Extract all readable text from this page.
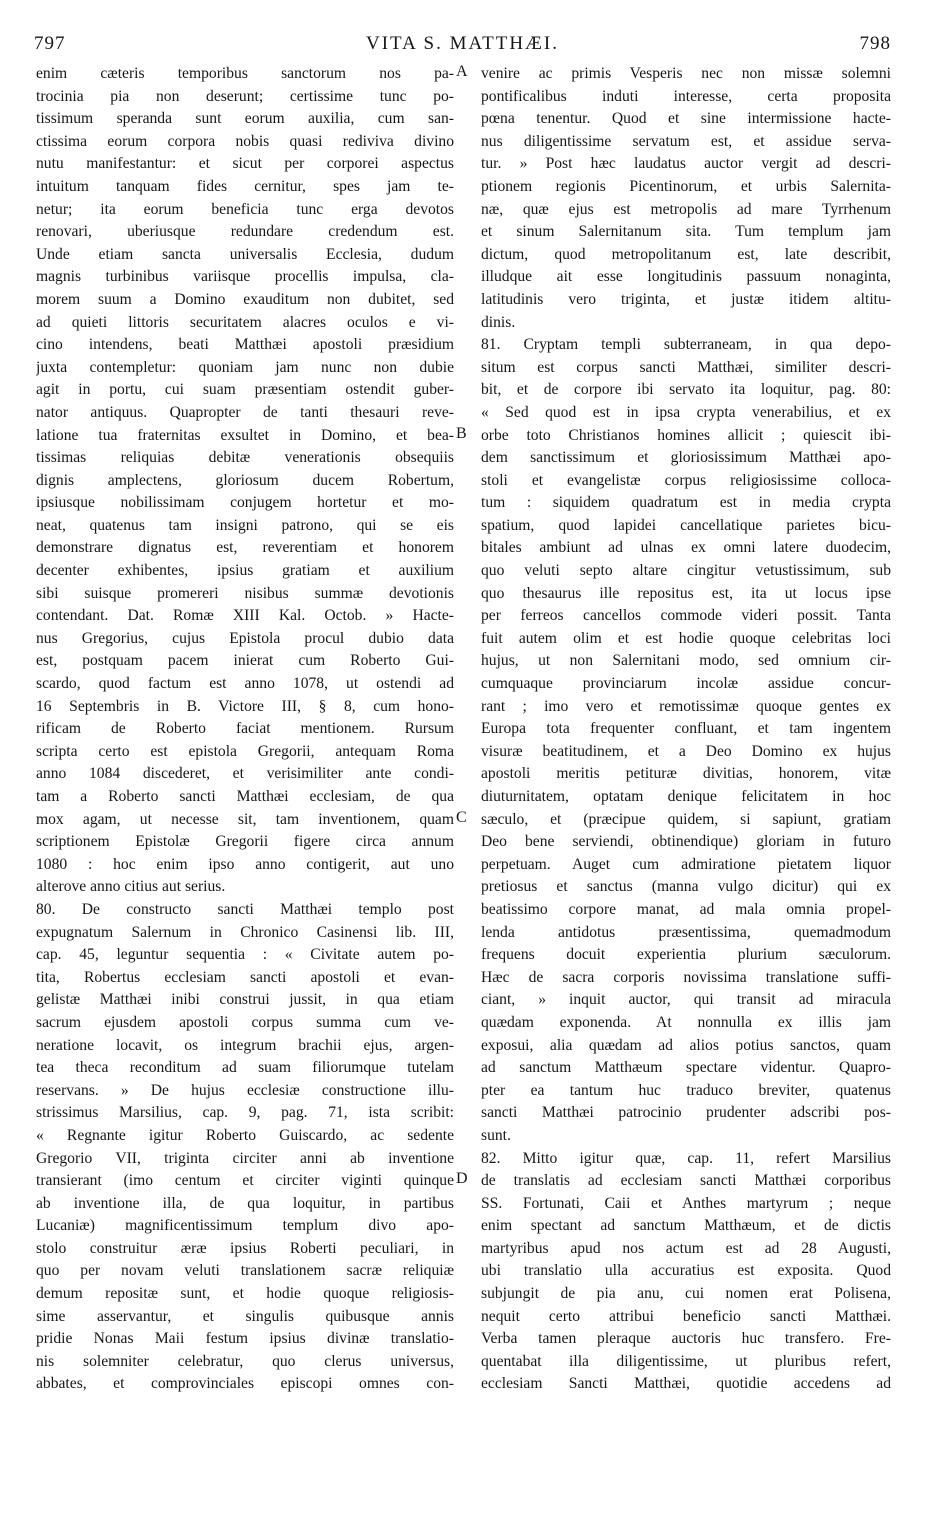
VITA S. MATTHÆI.
797	798
enim cæteris temporibus sanctorum nos pa-
trocinia pia non deserunt; certissime tunc po-
tissimum speranda sunt eorum auxilia, cum san-
ctissima eorum corpora nobis quasi rediviva divino
nutu manifestantur: et sicut per corporei aspectus
intuitum tanquam fides cernitur, spes jam te-
netur; ita eorum beneficia tunc erga devotos
renovari, uberiusque redundare credendum est.
Unde etiam sancta universalis Ecclesia, dudum
magnis turbinibus variisque procellis impulsa, cla-
morem suum a Domino exauditum non dubitet, sed
ad quieti littoris securitatem alacres oculos e vi-
cino intendens, beati Matthæi apostoli præsidium
juxta contempletur: quoniam jam nunc non dubie
agit in portu, cui suam præsentiam ostendit guber-
nator antiquus. Quapropter de tanti thesauri reve-
latione tua fraternitas exsultet in Domino, et bea-
tissimas reliquias debitæ venerationis obsequiis
dignis amplectens, gloriosum ducem Robertum,
ipsiusque nobilissimam conjugem hortetur et mo-
neat, quatenus tam insigni patrono, qui se eis
demonstrare dignatus est, reverentiam et honorem
decenter exhibentes, ipsius gratiam et auxilium
sibi suisque promereri nisibus summæ devotionis
contendant. Dat. Romæ XIII Kal. Octob. » Hacte-
nus Gregorius, cujus Epistola procul dubio data
est, postquam pacem inierat cum Roberto Gui-
scardo, quod factum est anno 1078, ut ostendi ad
16 Septembris in B. Victore III, § 8, cum hono-
rificam de Roberto faciat mentionem. Rursum
scripta certo est epistola Gregorii, antequam Roma
anno 1084 discederet, et verisimiliter ante condi-
tam a Roberto sancti Matthæi ecclesiam, de qua
mox agam, ut necesse sit, tam inventionem, quam
scriptionem Epistolæ Gregorii figere circa annum
1080 : hoc enim ipso anno contigerit, aut uno
alterove anno citius aut serius.
80. De constructo sancti Matthæi templo post
expugnatum Salernum in Chronico Casinensi lib. III,
cap. 45, leguntur sequentia : « Civitate autem po-
tita, Robertus ecclesiam sancti apostoli et evan-
gelistæ Matthæi inibi construi jussit, in qua etiam
sacrum ejusdem apostoli corpus summa cum ve-
neratione locavit, os integrum brachii ejus, argen-
tea theca reconditum ad suam filiorumque tutelam
reservans. » De hujus ecclesiæ constructione illu-
strissimus Marsilius, cap. 9, pag. 71, ista scribit:
« Regnante igitur Roberto Guiscardo, ac sedente
Gregorio VII, triginta circiter anni ab inventione
transierant (imo centum et circiter viginti quinque
ab inventione illa, de qua loquitur, in partibus
Lucaniæ) magnificentissimum templum divo apo-
stolo construitur æræ ipsius Roberti peculiari, in
quo per novam veluti translationem sacræ reliquiæ
demum repositæ sunt, et hodie quoque religiosis-
sime asservantur, et singulis quibusque annis
pridie Nonas Maii festum ipsius divinæ translatio-
nis solemniter celebratur, quo clerus universus,
abbates, et comprovinciales episcopi omnes con-
venire ac primis Vesperis nec non missæ solemni
pontificalibus induti interesse, certa proposita
pœna tenentur. Quod et sine intermissione hacte-
nus diligentissime servatum est, et assidue serva-
tur. » Post hæc laudatus auctor vergit ad descri-
ptionem regionis Picentinorum, et urbis Salernita-
næ, quæ ejus est metropolis ad mare Tyrrhenum
et sinum Salernitanum sita. Tum templum jam
dictum, quod metropolitanum est, late describit,
illudque ait esse longitudinis passuum nonaginta,
latitudinis vero triginta, et justæ itidem altitu-
dinis.
81. Cryptam templi subterraneam, in qua depo-
situm est corpus sancti Matthæi, similiter descri-
bit, et de corpore ibi servato ita loquitur, pag. 80:
« Sed quod est in ipsa crypta venerabilius, et ex
orbe toto Christianos homines allicit ; quiescit ibi-
dem sanctissimum et gloriosissimum Matthæi apo-
stoli et evangelistæ corpus religiosissime colloca-
tum : siquidem quadratum est in media crypta
spatium, quod lapidei cancellatique parietes bicu-
bitales ambiunt ad ulnas ex omni latere duodecim,
quo veluti septo altare cingitur vetustissimum, sub
quo thesaurus ille repositus est, ita ut locus ipse
per ferreos cancellos commode videri possit. Tanta
fuit autem olim et est hodie quoque celebritas loci
hujus, ut non Salernitani modo, sed omnium cir-
cumquaque provinciarum incolæ assidue concur-
rant ; imo vero et remotissimæ quoque gentes ex
Europa tota frequenter confluant, et tam ingentem
visuræ beatitudinem, et a Deo Domino ex hujus
apostoli meritis petituræ divitias, honorem, vitæ
diuturnitatem, optatam denique felicitatem in hoc
sæculo, et (præcipue quidem, si sapiunt, gratiam
Deo bene serviendi, obtinendique) gloriam in futuro
perpetuam. Auget cum admiratione pietatem liquor
pretiosus et sanctus (manna vulgo dicitur) qui ex
beatissimo corpore manat, ad mala omnia propel-
lenda antidotus præsentissima, quemadmodum
frequens docuit experientia plurium sæculorum.
Hæc de sacra corporis novissima translatione suffi-
ciant, » inquit auctor, qui transit ad miracula
quædam exponenda. At nonnulla ex illis jam
exposui, alia quædam ad alios potius sanctos, quam
ad sanctum Matthæum spectare videntur. Quapro-
pter ea tantum huc traduco breviter, quatenus
sancti Matthæi patrocinio prudenter adscribi pos-
sunt.
82. Mitto igitur quæ, cap. 11, refert Marsilius
de translatis ad ecclesiam sancti Matthæi corporibus
SS. Fortunati, Caii et Anthes martyrum ; neque
enim spectant ad sanctum Matthæum, et de dictis
martyribus apud nos actum est ad 28 Augusti,
ubi translatio ulla accuratius est exposita. Quod
subjungit de pia anu, cui nomen erat Polisena,
nequit certo attribui beneficio sancti Matthæi.
Verba tamen pleraque auctoris huc transfero. Fre-
quentabat illa diligentissime, ut pluribus refert,
ecclesiam Sancti Matthæi, quotidie accedens ad
A
B
C
D
